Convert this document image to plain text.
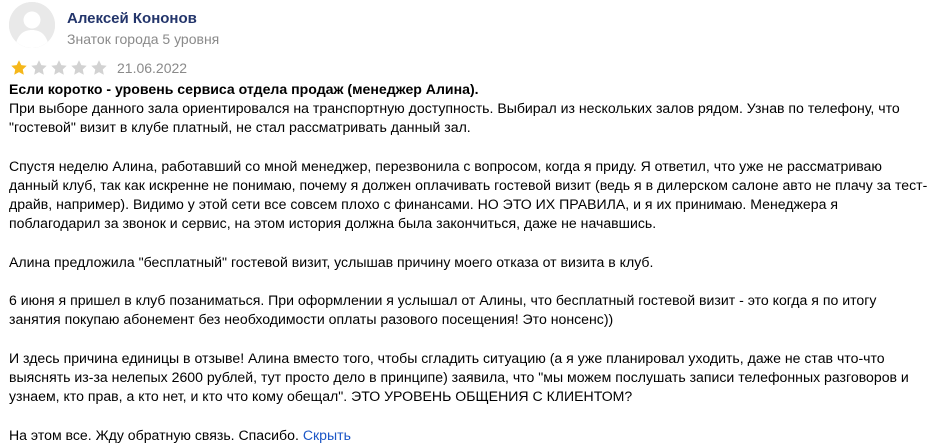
Алексей Кононов
Знаток города 5 уровня
21.06.2022

Если коротко - уровень сервиса отдела продаж (менеджер Алина).

При выборе данного зала ориентировался на транспортную доступность. Выбирал из нескольких залов рядом. Узнав по телефону, что "гостевой" визит в клубе платный, не стал рассматривать данный зал.

Спустя неделю Алина, работавший со мной менеджер, перезвонила с вопросом, когда я приду. Я ответил, что уже не рассматриваю данный клуб, так как искренне не понимаю, почему я должен оплачивать гостевой визит (ведь я в дилерском салоне авто не плачу за тест-драйв, например). Видимо у этой сети все совсем плохо с финансами. НО ЭТО ИХ ПРАВИЛА, и я их принимаю. Менеджера я поблагодарил за звонок и сервис, на этом история должна была закончиться, даже не начавшись.

Алина предложила "бесплатный" гостевой визит, услышав причину моего отказа от визита в клуб.

6 июня я пришел в клуб позаниматься. При оформлении я услышал от Алины, что бесплатный гостевой визит - это когда я по итогу занятия покупаю абонемент без необходимости оплаты разового посещения! Это нонсенс))

И здесь причина единицы в отзыве! Алина вместо того, чтобы сгладить ситуацию (а я уже планировал уходить, даже не став что-что выяснять из-за нелепых 2600 рублей, тут просто дело в принципе) заявила, что "мы можем послушать записи телефонных разговоров и узнаем, кто прав, а кто нет, и кто что кому обещал". ЭТО УРОВЕНЬ ОБЩЕНИЯ С КЛИЕНТОМ?

На этом все. Жду обратную связь. Спасибо. Скрыть
